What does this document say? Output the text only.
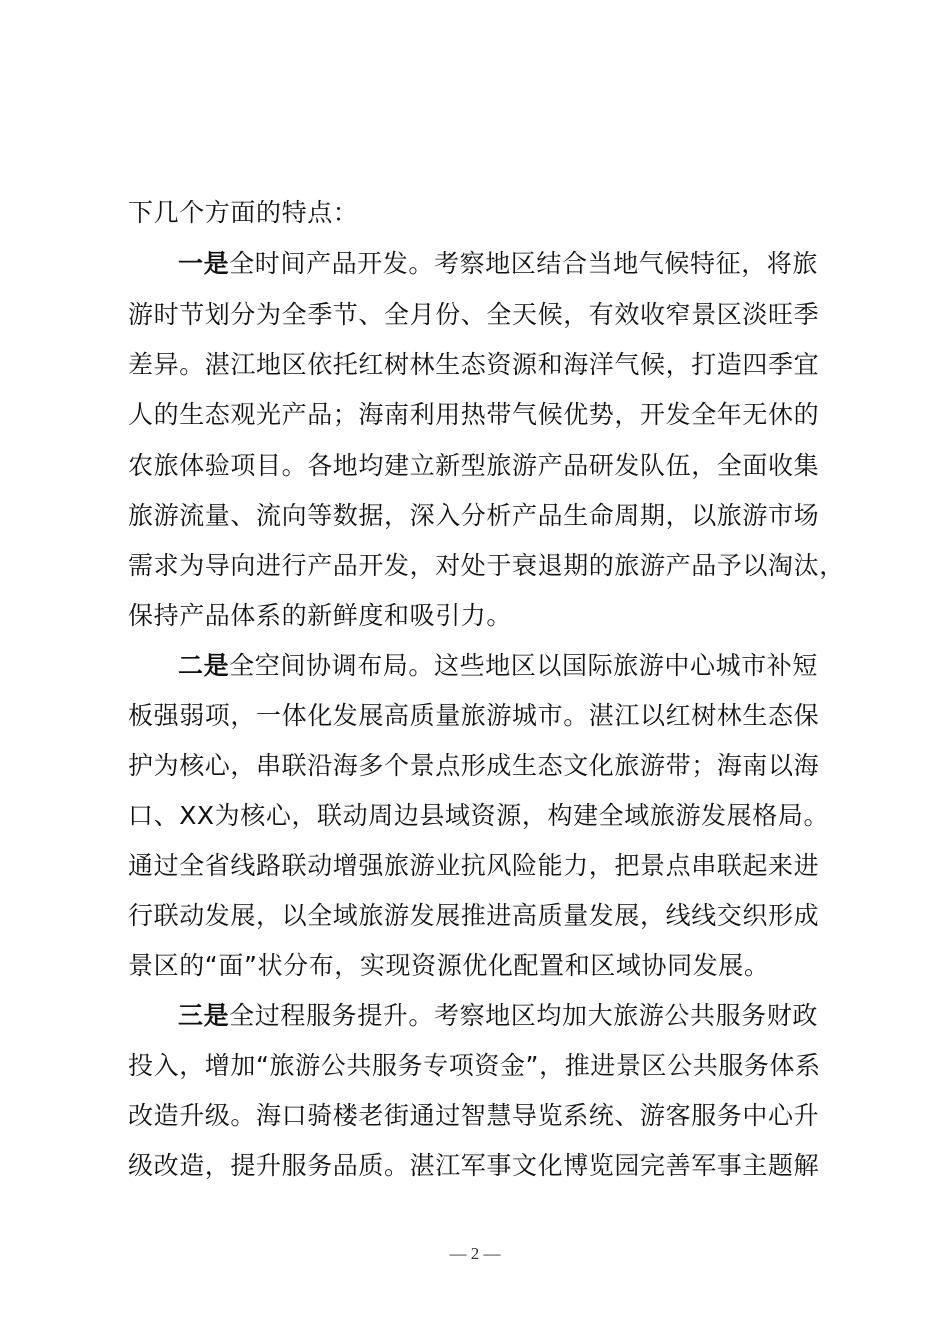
下几个方面的特点：
一是全时间产品开发。考察地区结合当地气候特征，将旅
游时节划分为全季节、全月份、全天候，有效收窄景区淡旺季
差异。湛江地区依托红树林生态资源和海洋气候，打造四季宜
人的生态观光产品；海南利用热带气候优势，开发全年无休的
农旅体验项目。各地均建立新型旅游产品研发队伍，全面收集
旅游流量、流向等数据，深入分析产品生命周期，以旅游市场
需求为导向进行产品开发，对处于衰退期的旅游产品予以淘汰，
保持产品体系的新鲜度和吸引力。
二是全空间协调布局。这些地区以国际旅游中心城市补短
板强弱项，一体化发展高质量旅游城市。湛江以红树林生态保
护为核心，串联沿海多个景点形成生态文化旅游带；海南以海
口、XX为核心，联动周边县域资源，构建全域旅游发展格局。
通过全省线路联动增强旅游业抗风险能力，把景点串联起来进
行联动发展，以全域旅游发展推进高质量发展，线线交织形成
景区的“面”状分布，实现资源优化配置和区域协同发展。
三是全过程服务提升。考察地区均加大旅游公共服务财政
投入，增加“旅游公共服务专项资金”，推进景区公共服务体系
改造升级。海口骑楼老街通过智慧导览系统、游客服务中心升
级改造，提升服务品质。湛江军事文化博览园完善军事主题解
— 2 —
